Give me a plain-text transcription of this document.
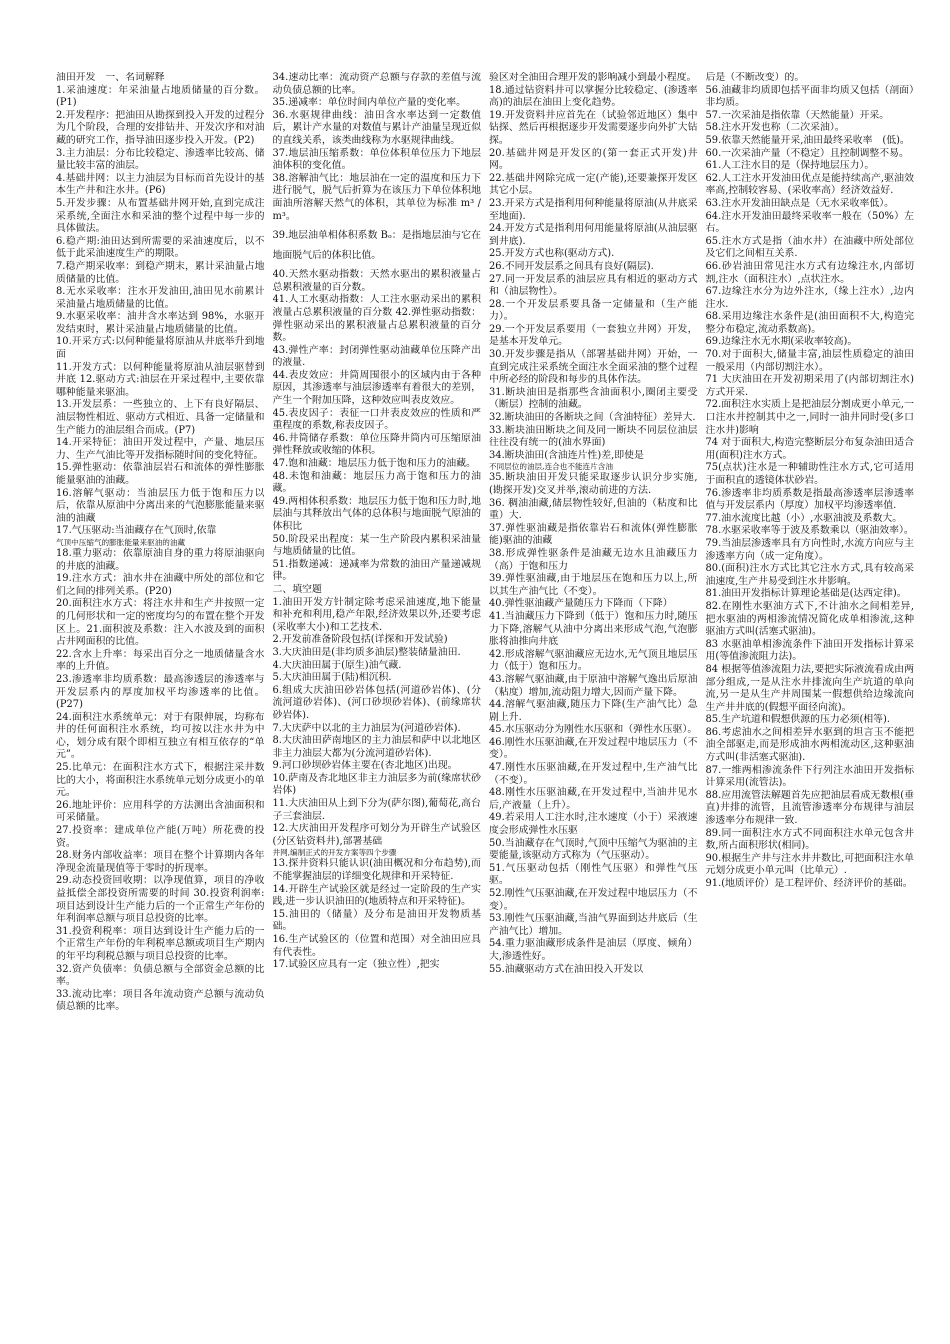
油田开发　一、名词解释

1.采油速度：年采油量占地质储量的百分数。(P1)

2.开发程序：把油田从勘探到投入开发的过程分为几个阶段，合理的安排钻井、开发次序和对油藏的研究工作，指导油田逐步投入开发。(P2)

3.主力油层：分布比较稳定、渗透率比较高、储量比较丰富的油层。

4.基础井网：以主力油层为目标而首先设计的基本生产井和注水井。(P6)

5.开发步骤：从布置基础井网开始,直到完成注采系统,全面注水和采油的整个过程中每一步的具体做法。

6.稳产期:油田达到所需要的采油速度后，以不低于此采油速度生产的期限。

7.稳产期采收率：到稳产期末，累计采油量占地质储量的比值。

8.无水采收率：注水开发油田,油田见水前累计采油量占地质储量的比值。

9.水驱采收率：油井含水率达到 98%，水驱开发结束时，累计采油量占地质储量的比值。

10.开采方式:以何种能量将原油从井底举升到地面

11.开发方式：以何种能量将原油从油层驱替到井底 12.驱动方式:油层在开采过程中,主要依靠哪种能量来驱油。

13.开发层系：一些独立的、上下有良好隔层、油层物性相近、驱动方式相近、具备一定储量和生产能力的油层组合而成。(P7)

14.开采特征：油田开发过程中，产量、地层压力、生产气油比等开发指标随时间的变化特征。

15.弹性驱动：依靠油层岩石和流体的弹性膨胀能量驱油的油藏。

16.溶解气驱动：当油层压力低于饱和压力以后，依靠从原油中分离出来的气泡膨胀能量来驱油的油藏

17.气压驱动:当油藏存在气顶时,依靠

气顶中压缩气的膨胀能量来驱油的油藏

18.重力驱动：依靠原油自身的重力将原油驱向的井底的油藏。

19.注水方式：油水井在油藏中所处的部位和它们之间的排列关系。(P20)

20.面积注水方式：将注水井和生产井按照一定的几何形状和一定的密度均匀的布置在整个开发区上。21.面积波及系数：注入水波及到的面积占井网面积的比值。

22.含水上升率：每采出百分之一地质储量含水率的上升值。

23.渗透率非均质系数：最高渗透层的渗透率与开发层系内的厚度加权平均渗透率的比值。(P27)

24.面积注水系统单元：对于有限伸展，均称布井的任何面积注水系统，均可按以注水井为中心，划分成有限个即相互独立有相互依存的“单元”。

25.比单元：在面积注水方式下，根据注采井数比的大小，将面积注水系统单元划分成更小的单元。

26.地址评价：应用科学的方法测出含油面积和可采储量。

27.投资率：建成单位产能(万吨）所花费的投资。

28.财务内部收益率：项目在整个计算期内各年净现金流量现值等于零时的折现率。

29.动态投资回收期：以净现值算，项目的净收益抵偿全部投资所需要的时间 30.投资利润率:项目达到设计生产能力后的一个正常生产年份的年利润率总额与项目总投资的比率。

31.投资利税率：项目达到设计生产能力后的一个正常生产年份的年利税率总额或项目生产期内的年平均利税总额与项目总投资的比率。

32.资产负债率：负债总额与全部资金总额的比率。

33.流动比率：项目各年流动资产总额与流动负债总额的比率。

34.速动比率：流动资产总额与存款的差值与流动负债总额的比率。

35.递减率：单位时间内单位产量的变化率。

36.水驱规律曲线：油田含水率达到一定数值后，累计产水量的对数值与累计产油量呈现近似的直线关系，该类曲线称为水驱规律曲线。

37.地层油压缩系数：单位体积单位压力下地层油体积的变化值。

38.溶解油气比：地层油在一定的温度和压力下进行脱气，脱气后折算为在该压力下单位体积地面油所溶解天然气的体积，其单位为标准 m³ / m³。

39.地层油单相体积系数 Bₒ：是指地层油与它在地面脱气后的体积比值。

40.天然水驱动指数：天然水驱出的累积液量占总累积液量的百分数。

41.人工水驱动指数：人工注水驱动采出的累积液量占总累积液量的百分数 42.弹性驱动指数：弹性驱动采出的累积液量占总累积液量的百分数。

43.弹性产率：封闭弹性驱动油藏单位压降产出的液量.

44.表皮效应：井筒周围很小的区域内由于各种原因，其渗透率与油层渗透率有着很大的差别，产生一个附加压降，这种效应叫表皮效应。

45.表皮因子：表征一口井表皮效应的性质和严重程度的系数,称表皮因子。

46.井筒储存系数：单位压降井筒内可压缩原油弹性释放或收缩的体积。

47.饱和油藏：地层压力低于饱和压力的油藏。

48.未饱和油藏：地层压力高于饱和压力的油藏。

49.两相体积系数：地层压力低于饱和压力时,地层油与其释放出气体的总体积与地面脱气原油的体积比

50.阶段采出程度：某一生产阶段内累积采油量与地质储量的比值。

51.指数递减：递减率为常数的油田产量递减规律。

二、填空题

1.油田开发方针制定除考虑采油速度,地下能量和补充和利用,稳产年限,经济效果以外,还要考虑(采收率大小)和工艺技术.

2.开发前准备阶段包括(详探和开发试验)

3.大庆油田是(非均质多油层)整装储量油田.

4.大庆油田属于(原生)油气藏.

5.大庆油田属于(陆)相沉积.

6.组成大庆油田砂岩体包括(河道砂岩体)、(分流河道砂岩体)、(河口砂坝砂岩体)、(前缘席状砂岩体).

7.大庆萨中以北的主力油层为(河道砂岩体).

8.大庆油田萨南地区的主力油层和萨中以北地区非主力油层大都为(分流河道砂岩体).

9.河口砂坝砂岩体主要在(杏北地区)出现。

10.萨南及杏北地区非主力油层多为前(缘席状砂岩体)

11.大庆油田从上到下分为(萨尔图),葡萄花,高台子三套油层.

12.大庆油田开发程序可划分为开辟生产试验区(分区钻资料井),部署基础

井网,编制正式的开发方案等四个步骤

13.探井资料只能认识(油田概况和分布趋势),而不能掌握油层的详细变化规律和开采特征.

14.开辟生产试验区就是经过一定阶段的生产实践,进一步认识油田的(地质特点和开采特征)。

15.油田的（储量）及分布是油田开发物质基础。

16.生产试验区的（位置和范围）对全油田应具有代表性。

17.试验区应具有一定（独立性）,把实

验区对全油田合理开发的影响减小到最小程度。

18.通过钻资料井可以掌握分比较稳定、(渗透率高)的油层在油田上变化趋势。

19.开发资料井应首先在（试验邻近地区）集中钻探、然后再根据逐步开发需要逐步向外扩大钻探。

20.基础井网是开发区的(第一套正式开发)井网。

22.基础井网除完成一定(产能),还要兼探开发区其它小层。

23.开采方式是指利用何种能量将原油(从井底采至地面).

24.开发方式是指利用何用能量将原油(从油层驱到井底).

25.开发方式也称(驱动方式).

26.不同开发层系之间具有良好(隔层).

27.同一开发层系的油层应具有相近的驱动方式和（油层物性）。

28.一个开发层系要具备一定储量和（生产能力）。

29.一个开发层系要用（一套独立井网）开发，是基本开发单元。

30.开发步骤是指从（部署基础井网）开始，一直到完成注采系统全面注水全面采油的整个过程中所必经的阶段和每步的具体作法。

31.断块油田是指那些含油面积小,圈闭主要受（断层）控制的油藏。

32.断块油田的各断块之间（含油特征）差异大.

33.断块油田断块之间及同一断块不同层位油层往往没有统一的(油水界面)

34.断块油田(含油连片性)差,即使是

不同层位的油层,连合也不能连片含油

35.断块油田开发只能采取逐步认识分步实施,(勘探开发)交叉并举,滚动前进的方法.

36. 稠油油藏,储层物性较好,但油的（粘度和比重）大.

37.弹性驱油藏是指依靠岩石和流体(弹性膨胀能)驱油的油藏

38.形成弹性驱条件是油藏无边水且油藏压力（高）于饱和压力

39.弹性驱油藏,由于地层压在饱和压力以上,所以其生产油气比（不变）。

40.弹性驱油藏产量随压力下降而（下降）

41.当油藏压力下降到（低于）饱和压力时,随压力下降,溶解气从油中分离出来形成气泡,气泡膨胀将油推向井底

42.形成溶解气驱油藏应无边水,无气顶且地层压力（低于）饱和压力。

43.溶解气驱油藏,由于原油中溶解气逸出后原油（粘度）增加,流动阻力增大,因而产量下降。

44.溶解气驱油藏,随压力下降(生产油气比）急剧上升.

45.水压驱动分为刚性水压驱和（弹性水压驱）。

46.刚性水压驱油藏,在开发过程中地层压力（不变）。

47.刚性水压驱油藏,在开发过程中,生产油气比（不变）。

48.刚性水压驱油藏,在开发过程中,当油井见水后,产液量（上升）。

49.若采用人工注水时,注水速度（小于）采液速度会形成弹性水压驱

50.当油藏存在气顶时,气顶中压缩气为驱油的主要能量,该驱动方式称为（气压驱动）。

51.气压驱动包括（刚性气压驱）和弹性气压驱。

52.刚性气压驱油藏,在开发过程中地层压力（不变）。

53.刚性气压驱油藏,当油气界面到达井底后（生产油气比）增加。

54.重力驱油藏形成条件是油层（厚度、倾角）大,渗透性好。

55.油藏驱动方式在油田投入开发以

后是（不断改变）的。

56.油藏非均质即包括平面非均质又包括（剖面）非均质。

57.一次采油是指依靠（天然能量）开采。

58.注水开发也称（二次采油）。

59.依靠天然能量开采,油田最终采收率　(低)。

60.一次采油产量（不稳定）且控制调整不易。

61.人工注水目的是（保持地层压力）。

62.人工注水开发油田优点是能持续高产,驱油效率高,控制较容易、(采收率高）经济效益好.

63.注水开发油田缺点是（无水采收率低）。

64.注水开发油田最终采收率一般在（50%）左右。

65.注水方式是指（油水井）在油藏中所处部位及它们之间相互关系.

66.砂岩油田常见注水方式有边缘注水,内部切割,注水（面积注水）,点状注水。

67.边缘注水分为边外注水,（缘上注水）,边内注水.

68.采用边缘注水条件是(油田面积不大,构造完整分布稳定,流动系数高)。

69.边缘注水无水期(采收率较高)。

70.对于面积大,储量丰富,油层性质稳定的油田一般采用（内部切割注水）。

71 大庆油田在开发初期采用了(内部切割注水)方式开采.

72.面积注水实质上是把油层分割成更小单元,一口注水井控制其中之一,同时一油井同时受(多口注水井)影响

74 对于面积大,构造完整断层分布复杂油田适合用(面积)注水方式。

75(点状)注水是一种辅助性注水方式,它可适用于面积直的透镜体状砂岩。

76.渗透率非均质系数是指最高渗透率层渗透率值与开发层系内（厚度）加权平均渗透率值.

77.油水流度比越（小）,水驱油波及系数大。

78.水驱采收率等于波及系数乘以（驱油效率）。

79.当油层渗透率具有方向性时,水流方向应与主渗透率方向（成一定角度）。

80.(面积)注水方式比其它注水方式,具有较高采油速度,生产井易受到注水井影响。

81.油田开发指标计算理论基础是(达西定律)。

82.在刚性水驱油方式下,不计油水之间相差异,把水驱油的两相渗流情况简化成单相渗流,这种驱油方式叫(活塞式驱油)。

83 水驱油单相渗流条件下油田开发指标计算采用(等值渗流阻力法)。

84 根据等值渗流阻力法,要把实际液流看成由两部分组成,一是从注水井排流向生产坑道的单向流,另一是从生产井周围某一假想供给边缘流向生产井井底的(假想平面径向流)。

85.生产坑道和假想供源的压力必须(相等).

86.考虑油水之间相差异水驱到的坦言玉不能把油全部驱走,而是形成油水两相流动区,这种驱油方式叫(非活塞式驱油).

87.一维两相渗流条件下行列注水油田开发指标计算采用(流管法)。

88.应用流管法解题首先应把油层看成无数根(垂直)井排的流管，且流管渗透率分布规律与油层渗透率分布规律一致.

89.同一面积注水方式不同面积注水单元包含井数,所占面积形状(相同)。

90.根据生产井与注水井井数比,可把面积注水单元划分成更小单元叫（比单元）.

91.(地质评价）是工程评价、经济评价的基础。
